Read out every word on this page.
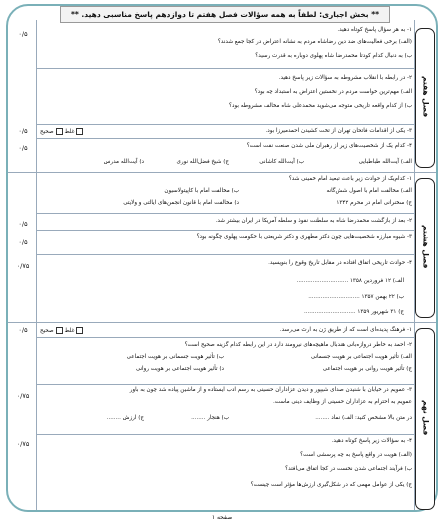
** بخش اجباری: لطفاً به همه سؤالات فصل هفتم تا دوازدهم پاسخ مناسبی دهید. **
فصل هفتم
فصل هشتم
فصل نهم
۰/۵
۰/۵
۰/۵
۰/۵
۰/۵
۰/۷۵
۰/۵
۰/۷۵
۰/۷۵
۱- به هر سؤال پاسخ کوتاه دهید.
(الف) برخی فعالیت‌های ضد دین رضاشاه مردم به نشانه اعتراض در کجا جمع شدند؟
ب) به دنبال کدام کودتا محمدرضا شاه پهلوی دوباره به قدرت رسید؟
۲- در رابطه با انقلاب مشروطه به سؤالات زیر پاسخ دهید.
الف) مهم‌ترین خواست مردم در نخستین اعتراض به استبداد چه بود؟
ب) از کدام واقعه تاریخی متوجه می‌شوید محمدعلی شاه مخالف مشروطه بود؟
۳- یکی از اقدامات فاتحان تهران از تخت کشیدن احمدمیرزا بود.
غلط صحیح
۴- کدام یک از شخصیت‌های زیر از رهبران ملی شدن صنعت نفت است؟
الف) آیت‌الله طباطبایی
ب) آیت‌الله کاشانی
ج) شیخ فضل‌الله نوری
د) آیت‌الله مدرس
۱- کدام‌یک از حوادث زیر باعث تبعید امام خمینی شد؟
الف) مخالفت امام با اصول شش‌گانه
ب) مخالفت امام با کاپیتولاسیون
ج) سخنرانی امام در محرم ۱۳۴۲
د) مخالفت امام با قانون انجمن‌های ایالتی و ولایتی
۲- بعد از بازگشت محمدرضا شاه به سلطنت نفوذ و سلطه آمریکا در ایران بیشتر شد.
۳- شیوه مبارزه شخصیت‌هایی چون دکتر مطهری و دکتر شریعتی با حکومت پهلوی چگونه بود؟
۴- حوادث تاریخی اتفاق افتاده در مقابل تاریخ وقوع را بنویسید.
الف) ۱۲ فروردین ۱۳۵۸ .............................
ب) ۲۲ بهمن ۱۳۵۷ .............................
ج) ۳۱ شهریور ۱۳۵۹ .............................
۱- فرهنگ پدیده‌ای است که از طریق ژن به ارث می‌رسد.
غلط صحیح
۲- احمد به خاطر دروازه‌بانی هندبال ماهیچه‌های نیرومند دارد در این رابطه کدام گزینه صحیح است؟
الف) تأثیر هویت اجتماعی بر هویت جسمانی
ب) تأثیر هویت جسمانی بر هویت اجتماعی
ج) تأثیر هویت روانی بر هویت اجتماعی
د) تأثیر هویت اجتماعی بر هویت روانی
۳- عمویم در خیابان با شنیدن صدای شیپور و دیدن عزاداران حسینی به رسم ادب ایستاده و از ماشین پیاده شد چون به باور
عمویم به احترام به عزاداران حسینی از وظایف دینی ماست.
در متن بالا مشخص کنید: الف) نماد ........
ب) هنجار ........
ج) ارزش ........
۴- به سؤالات زیر پاسخ کوتاه دهید.
(الف) هویت در واقع پاسخ به چه پرسشی است؟
ب) فرآیند اجتماعی شدن نخست در کجا اتفاق می‌افتد؟
ج) یکی از عوامل مهمی که در شکل‌گیری ارزش‌ها مؤثر است چیست؟
صفحه ۱
